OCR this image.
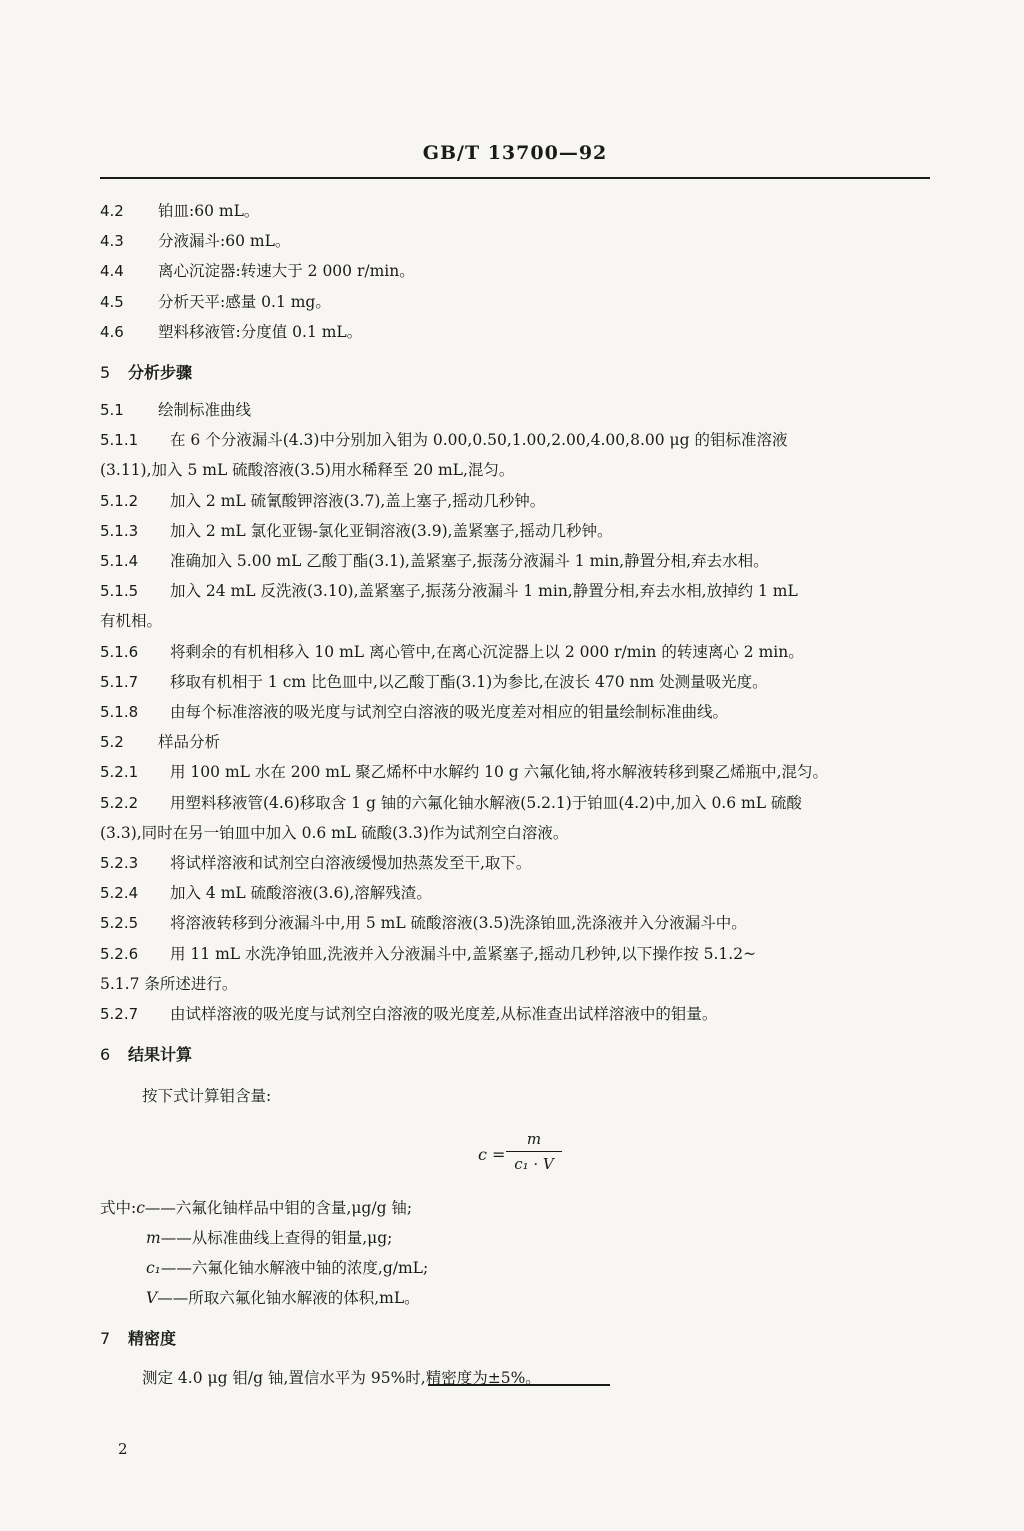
GB/T 13700—92
4.2 铂皿:60 mL。
4.3 分液漏斗:60 mL。
4.4 离心沉淀器:转速大于 2 000 r/min。
4.5 分析天平:感量 0.1 mg。
4.6 塑料移液管:分度值 0.1 mL。
5 分析步骤
5.1 绘制标准曲线
5.1.1 在 6 个分液漏斗(4.3)中分别加入钼为 0.00,0.50,1.00,2.00,4.00,8.00 μg 的钼标准溶液
(3.11),加入 5 mL 硫酸溶液(3.5)用水稀释至 20 mL,混匀。
5.1.2 加入 2 mL 硫氰酸钾溶液(3.7),盖上塞子,摇动几秒钟。
5.1.3 加入 2 mL 氯化亚锡-氯化亚铜溶液(3.9),盖紧塞子,摇动几秒钟。
5.1.4 准确加入 5.00 mL 乙酸丁酯(3.1),盖紧塞子,振荡分液漏斗 1 min,静置分相,弃去水相。
5.1.5 加入 24 mL 反洗液(3.10),盖紧塞子,振荡分液漏斗 1 min,静置分相,弃去水相,放掉约 1 mL
有机相。
5.1.6 将剩余的有机相移入 10 mL 离心管中,在离心沉淀器上以 2 000 r/min 的转速离心 2 min。
5.1.7 移取有机相于 1 cm 比色皿中,以乙酸丁酯(3.1)为参比,在波长 470 nm 处测量吸光度。
5.1.8 由每个标准溶液的吸光度与试剂空白溶液的吸光度差对相应的钼量绘制标准曲线。
5.2 样品分析
5.2.1 用 100 mL 水在 200 mL 聚乙烯杯中水解约 10 g 六氟化铀,将水解液转移到聚乙烯瓶中,混匀。
5.2.2 用塑料移液管(4.6)移取含 1 g 铀的六氟化铀水解液(5.2.1)于铂皿(4.2)中,加入 0.6 mL 硫酸
(3.3),同时在另一铂皿中加入 0.6 mL 硫酸(3.3)作为试剂空白溶液。
5.2.3 将试样溶液和试剂空白溶液缓慢加热蒸发至干,取下。
5.2.4 加入 4 mL 硫酸溶液(3.6),溶解残渣。
5.2.5 将溶液转移到分液漏斗中,用 5 mL 硫酸溶液(3.5)洗涤铂皿,洗涤液并入分液漏斗中。
5.2.6 用 11 mL 水洗净铂皿,洗液并入分液漏斗中,盖紧塞子,摇动几秒钟,以下操作按 5.1.2~
5.1.7 条所述进行。
5.2.7 由试样溶液的吸光度与试剂空白溶液的吸光度差,从标准查出试样溶液中的钼量。
6 结果计算
按下式计算钼含量:
c =
m
c₁ · V
式中:c——六氟化铀样品中钼的含量,μg/g 铀;
m——从标准曲线上查得的钼量,μg;
c₁——六氟化铀水解液中铀的浓度,g/mL;
V——所取六氟化铀水解液的体积,mL。
7 精密度
测定 4.0 μg 钼/g 铀,置信水平为 95%时,精密度为±5%。
2
